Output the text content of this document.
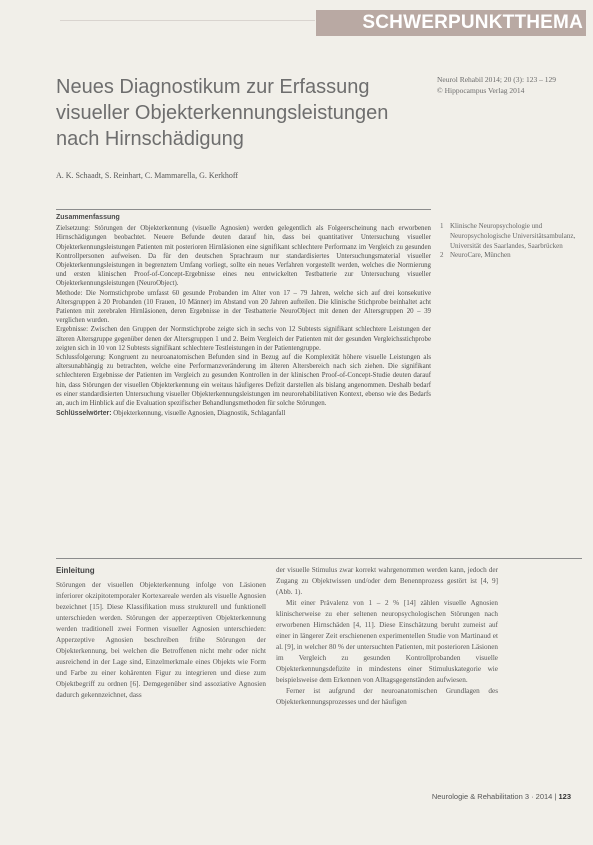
SCHWERPUNKTTHEMA
Neues Diagnostikum zur Erfassung
visueller Objekterkennungsleistungen
nach Hirnschädigung
Neurol Rehabil 2014; 20 (3): 123 – 129
© Hippocampus Verlag 2014
A. K. Schaadt, S. Reinhart, C. Mammarella, G. Kerkhoff
1 Klinische Neuropsychologie und Neuropsychologische Universitätsambulanz, Universität des Saarlandes, Saarbrücken
2 NeuroCare, München

Zusammenfassung

Zielsetzung: Störungen der Objekterkennung (visuelle Agnosien) werden gelegentlich als Folgeerscheinung nach erworbenen Hirnschädigungen beobachtet. Neuere Befunde deuten darauf hin, dass bei quantitativer Untersuchung visueller Objekterkennungsleistungen Patienten mit posterioren Hirnläsionen eine signifikant schlechtere Performanz im Vergleich zu gesunden Kontrollpersonen aufweisen. Da für den deutschen Sprachraum nur standardisiertes Untersuchungsmaterial visueller Objekterkennungsleistungen in begrenztem Umfang vorliegt, sollte ein neues Verfahren vorgestellt werden, welches die Normierung und ersten klinischen Proof-of-Concept-Ergebnisse eines neu entwickelten Testbatterie zur Untersuchung visueller Objekterkennungsleistungen (NeuroObject).

Methode: Die Normstichprobe umfasst 60 gesunde Probanden im Alter von 17 – 79 Jahren, welche sich auf drei konsekutive Altersgruppen à 20 Probanden (10 Frauen, 10 Männer) im Abstand von 20 Jahren aufteilen. Die klinische Stichprobe beinhaltet acht Patienten mit zerebralen Hirnläsionen, deren Ergebnisse in der Testbatterie NeuroObject mit denen der Altersgruppen 20 – 39 verglichen wurden.

Ergebnisse: Zwischen den Gruppen der Normstichprobe zeigte sich in sechs von 12 Subtests signifikant schlechtere Leistungen der älteren Altersgruppe gegenüber denen der Altersgruppen 1 und 2. Beim Vergleich der Patienten mit der gesunden Vergleichsstichprobe zeigten sich in 10 von 12 Subtests signifikant schlechtere Testleistungen in der Patientengruppe.

Schlussfolgerung: Kongruent zu neuroanatomischen Befunden sind in Bezug auf die Komplexität höhere visuelle Leistungen als altersunabhängig zu betrachten, welche eine Performanzveränderung im älteren Altersbereich nach sich ziehen. Die signifikant schlechteren Ergebnisse der Patienten im Vergleich zu gesunden Kontrollen in der klinischen Proof-of-Concept-Studie deuten darauf hin, dass Störungen der visuellen Objekterkennung ein weitaus häufigeres Defizit darstellen als bislang angenommen. Deshalb bedarf es einer standardisierten Untersuchung visueller Objekterkennungsleistungen im neurorehabilitativen Kontext, ebenso wie des Bedarfs an, auch im Hinblick auf die Evaluation spezifischer Behandlungsmethoden für solche Störungen.

Schlüsselwörter: Objekterkennung, visuelle Agnosien, Diagnostik, Schlaganfall

Einleitung

Störungen der visuellen Objekterkennung infolge von Läsionen inferiorer okzipitotemporaler Kortexareale werden als visuelle Agnosien bezeichnet [15]. Diese Klassifikation muss strukturell und funktionell unterschieden werden. Störungen der apperzeptiven Objekterkennung werden traditionell zwei Formen visueller Agnosien unterschieden: Apperzeptive Agnosien beschreiben frühe Störungen der Objekterkennung, bei welchen die Betroffenen nicht mehr oder nicht ausreichend in der Lage sind, Einzelmerkmale eines Objekts wie Form und Farbe zu einer kohärenten Figur zu integrieren und diese zum Objektbegriff zu ordnen [6]. Demgegenüber sind assoziative Agnosien dadurch gekennzeichnet, dass

der visuelle Stimulus zwar korrekt wahrgenommen werden kann, jedoch der Zugang zu Objektwissen und/oder dem Benennprozess gestört ist [4, 9] (Abb. 1).

Mit einer Prävalenz von 1 – 2 % [14] zählen visuelle Agnosien klinischerweise zu eher seltenen neuropsychologischen Störungen nach erworbenen Hirnschäden [4, 11]. Diese Einschätzung beruht zumeist auf einer in längerer Zeit erschienenen experimentellen Studie von Martinaud et al. [9], in welcher 80 % der untersuchten Patienten, mit posterioren Läsionen im Vergleich zu gesunden Kontrollprobanden visuelle Objekterkennungsdefizite in mindestens einer Stimuluskategorie wie beispielsweise dem Erkennen von Alltagsgegenständen aufwiesen.

Ferner ist aufgrund der neuroanatomischen Grundlagen des Objekterkennungsprozesses und der häufigen

Neurologie & Rehabilitation 3 · 2014 | 123
